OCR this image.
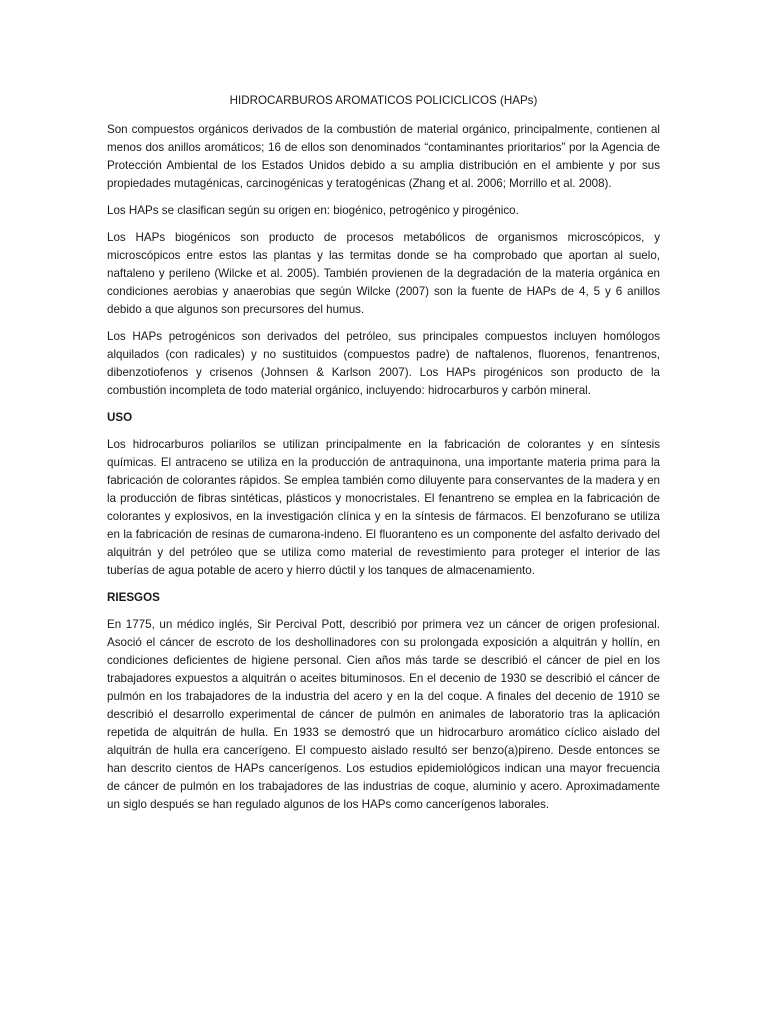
HIDROCARBUROS AROMATICOS POLICICLICOS (HAPs)

Son compuestos orgánicos derivados de la combustión de material orgánico, principalmente, contienen al menos dos anillos aromáticos; 16 de ellos son denominados “contaminantes prioritarios” por la Agencia de Protección Ambiental de los Estados Unidos debido a su amplia distribución en el ambiente y por sus propiedades mutagénicas, carcinogénicas y teratogénicas (Zhang et al. 2006; Morrillo et al. 2008).

Los HAPs se clasifican según su origen en: biogénico, petrogénico y pirogénico.

Los HAPs biogénicos son producto de procesos metabólicos de organismos microscópicos, y microscópicos entre estos las plantas y las termitas donde se ha comprobado que aportan al suelo, naftaleno y perileno (Wilcke et al. 2005). También provienen de la degradación de la materia orgánica en condiciones aerobias y anaerobias que según Wilcke (2007) son la fuente de HAPs de 4, 5 y 6 anillos debido a que algunos son precursores del humus.

Los HAPs petrogénicos son derivados del petróleo, sus principales compuestos incluyen homólogos alquilados (con radicales) y no sustituidos (compuestos padre) de naftalenos, fluorenos, fenantrenos, dibenzotiofenos y crisenos (Johnsen & Karlson 2007). Los HAPs pirogénicos son producto de la combustión incompleta de todo material orgánico, incluyendo: hidrocarburos y carbón mineral.

USO

Los hidrocarburos poliarilos se utilizan principalmente en la fabricación de colorantes y en síntesis químicas. El antraceno se utiliza en la producción de antraquinona, una importante materia prima para la fabricación de colorantes rápidos. Se emplea también como diluyente para conservantes de la madera y en la producción de fibras sintéticas, plásticos y monocristales. El fenantreno se emplea en la fabricación de colorantes y explosivos, en la investigación clínica y en la síntesis de fármacos. El benzofurano se utiliza en la fabricación de resinas de cumarona-indeno. El fluoranteno es un componente del asfalto derivado del alquitrán y del petróleo que se utiliza como material de revestimiento para proteger el interior de las tuberías de agua potable de acero y hierro dúctil y los tanques de almacenamiento.

RIESGOS

En 1775, un médico inglés, Sir Percival Pott, describió por primera vez un cáncer de origen profesional. Asoció el cáncer de escroto de los deshollinadores con su prolongada exposición a alquitrán y hollín, en condiciones deficientes de higiene personal. Cien años más tarde se describió el cáncer de piel en los trabajadores expuestos a alquitrán o aceites bituminosos. En el decenio de 1930 se describió el cáncer de pulmón en los trabajadores de la industria del acero y en la del coque. A finales del decenio de 1910 se describió el desarrollo experimental de cáncer de pulmón en animales de laboratorio tras la aplicación repetida de alquitrán de hulla. En 1933 se demostró que un hidrocarburo aromático cíclico aislado del alquitrán de hulla era cancerígeno. El compuesto aislado resultó ser benzo(a)pireno. Desde entonces se han descrito cientos de HAPs cancerígenos. Los estudios epidemiológicos indican una mayor frecuencia de cáncer de pulmón en los trabajadores de las industrias de coque, aluminio y acero. Aproximadamente un siglo después se han regulado algunos de los HAPs como cancerígenos laborales.
